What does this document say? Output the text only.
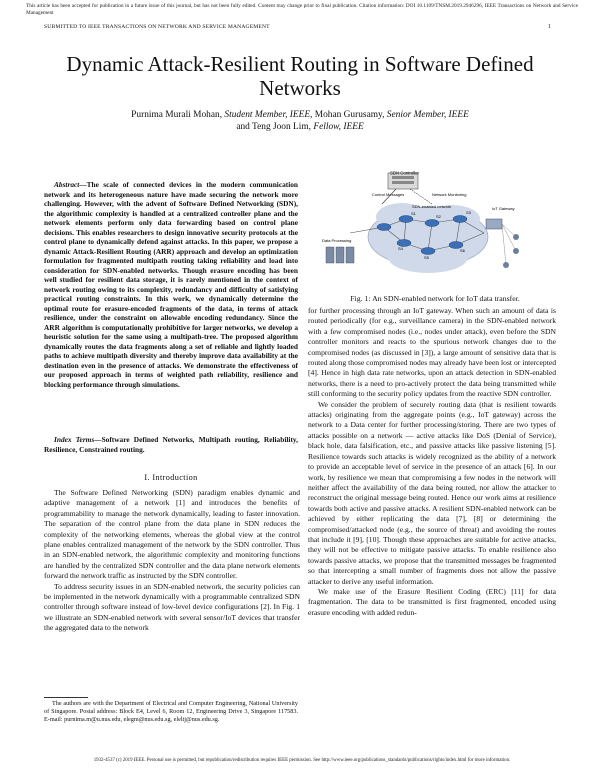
This article has been accepted for publication in a future issue of this journal, but has not been fully edited. Content may change prior to final publication. Citation information: DOI 10.1109/TNSM.2019.2946296, IEEE Transactions on Network and Service Management
SUBMITTED TO IEEE TRANSACTIONS ON NETWORK AND SERVICE MANAGEMENT	1
Dynamic Attack-Resilient Routing in Software Defined Networks
Purnima Murali Mohan, Student Member, IEEE, Mohan Gurusamy, Senior Member, IEEE
and Teng Joon Lim, Fellow, IEEE
Abstract—The scale of connected devices in the modern communication network and its heterogeneous nature have made securing the network more challenging. However, with the advent of Software Defined Networking (SDN), the algorithmic complexity is handled at a centralized controller plane and the network elements perform only data forwarding based on control plane decisions. This enables researchers to design innovative security protocols at the control plane to dynamically defend against attacks. In this paper, we propose a dynamic Attack-Resilient Routing (ARR) approach and develop an optimization formulation for fragmented multipath routing taking reliability and load into consideration for SDN-enabled networks. Though erasure encoding has been well studied for resilient data storage, it is rarely mentioned in the context of network routing owing to its complexity, redundancy and difficulty of satisfying practical routing constraints. In this work, we dynamically determine the optimal route for erasure-encoded fragments of the data, in terms of attack resilience, under the constraint on allowable encoding redundancy. Since the ARR algorithm is computationally prohibitive for larger networks, we develop a heuristic solution for the same using a multipath-tree. The proposed algorithm dynamically routes the data fragments along a set of reliable and lightly loaded paths to achieve multipath diversity and thereby improve data availability at the destination even in the presence of attacks. We demonstrate the effectiveness of our proposed approach in terms of weighted path reliability, resilience and blocking performance through simulations.
Index Terms—Software Defined Networks, Multipath routing, Reliability, Resilience, Constrained routing.
I. Introduction

The Software Defined Networking (SDN) paradigm enables dynamic and adaptive management of a network [1] and introduces the benefits of programmability to manage the network dynamically, leading to faster innovation. The separation of the control plane from the data plane in SDN reduces the complexity of the networking elements, whereas the global view at the control plane enables centralized management of the network by the SDN controller. Thus in an SDN-enabled network, the algorithmic complexity and monitoring functions are handled by the centralized SDN controller and the data plane network elements forward the network traffic as instructed by the SDN controller.

To address security issues in an SDN-enabled network, the security policies can be implemented in the network dynamically with a programmable centralized SDN controller through software instead of low-level device configurations [2]. In Fig. 1 we illustrate an SDN-enabled network with several sensor/IoT devices that transfer the aggregated data to the network

The authors are with the Department of Electrical and Computer Engineering, National University of Singapore. Postal address: Block E4, Level 6, Room 12, Engineering Drive 3, Singapore 117583. E-mail: purnima.m@u.nus.edu, elegm@nus.edu.sg, eleltj@nus.edu.sg.

SDN Controller
Control Messages	Network Monitoring
SDN-enabled network
S1
S2
S3
S4
S5
S6
IoT Gateway
Data Processing
Fig. 1: An SDN-enabled network for IoT data transfer.

for further processing through an IoT gateway. When such an amount of data is routed periodically (for e.g., surveillance camera) in the SDN-enabled network with a few compromised nodes (i.e., nodes under attack), even before the SDN controller monitors and reacts to the spurious network changes due to the compromised nodes (as discussed in [3]), a large amount of sensitive data that is routed along those compromised nodes may already have been lost or intercepted [4]. Hence in high data rate networks, upon an attack detection in SDN-enabled networks, there is a need to pro-actively protect the data being transmitted while still conforming to the security policy updates from the reactive SDN controller.

We consider the problem of securely routing data (that is resilient towards attacks) originating from the aggregate points (e.g., IoT gateway) across the network to a Data center for further processing/storing. There are two types of attacks possible on a network — active attacks like DoS (Denial of Service), black hole, data falsification, etc., and passive attacks like passive listening [5]. Resilience towards such attacks is widely recognized as the ability of a network to provide an acceptable level of service in the presence of an attack [6]. In our work, by resilience we mean that compromising a few nodes in the network will neither affect the availability of the data being routed, nor allow the attacker to reconstruct the original message being routed. Hence our work aims at resilience towards both active and passive attacks. A resilient SDN-enabled network can be achieved by either replicating the data [7], [8] or determining the compromised/attacked node (e.g., the source of threat) and avoiding the routes that include it [9], [10]. Though these approaches are suitable for active attacks, they will not be effective to mitigate passive attacks. To enable resilience also towards passive attacks, we propose that the transmitted messages be fragmented so that intercepting a small number of fragments does not allow the passive attacker to derive any useful information.

We make use of the Erasure Resilient Coding (ERC) [11] for data fragmentation. The data to be transmitted is first fragmented, encoded using erasure encoding with added redun-

1932-4537 (c) 2019 IEEE. Personal use is permitted, but republication/redistribution requires IEEE permission. See http://www.ieee.org/publications_standards/publications/rights/index.html for more information.
